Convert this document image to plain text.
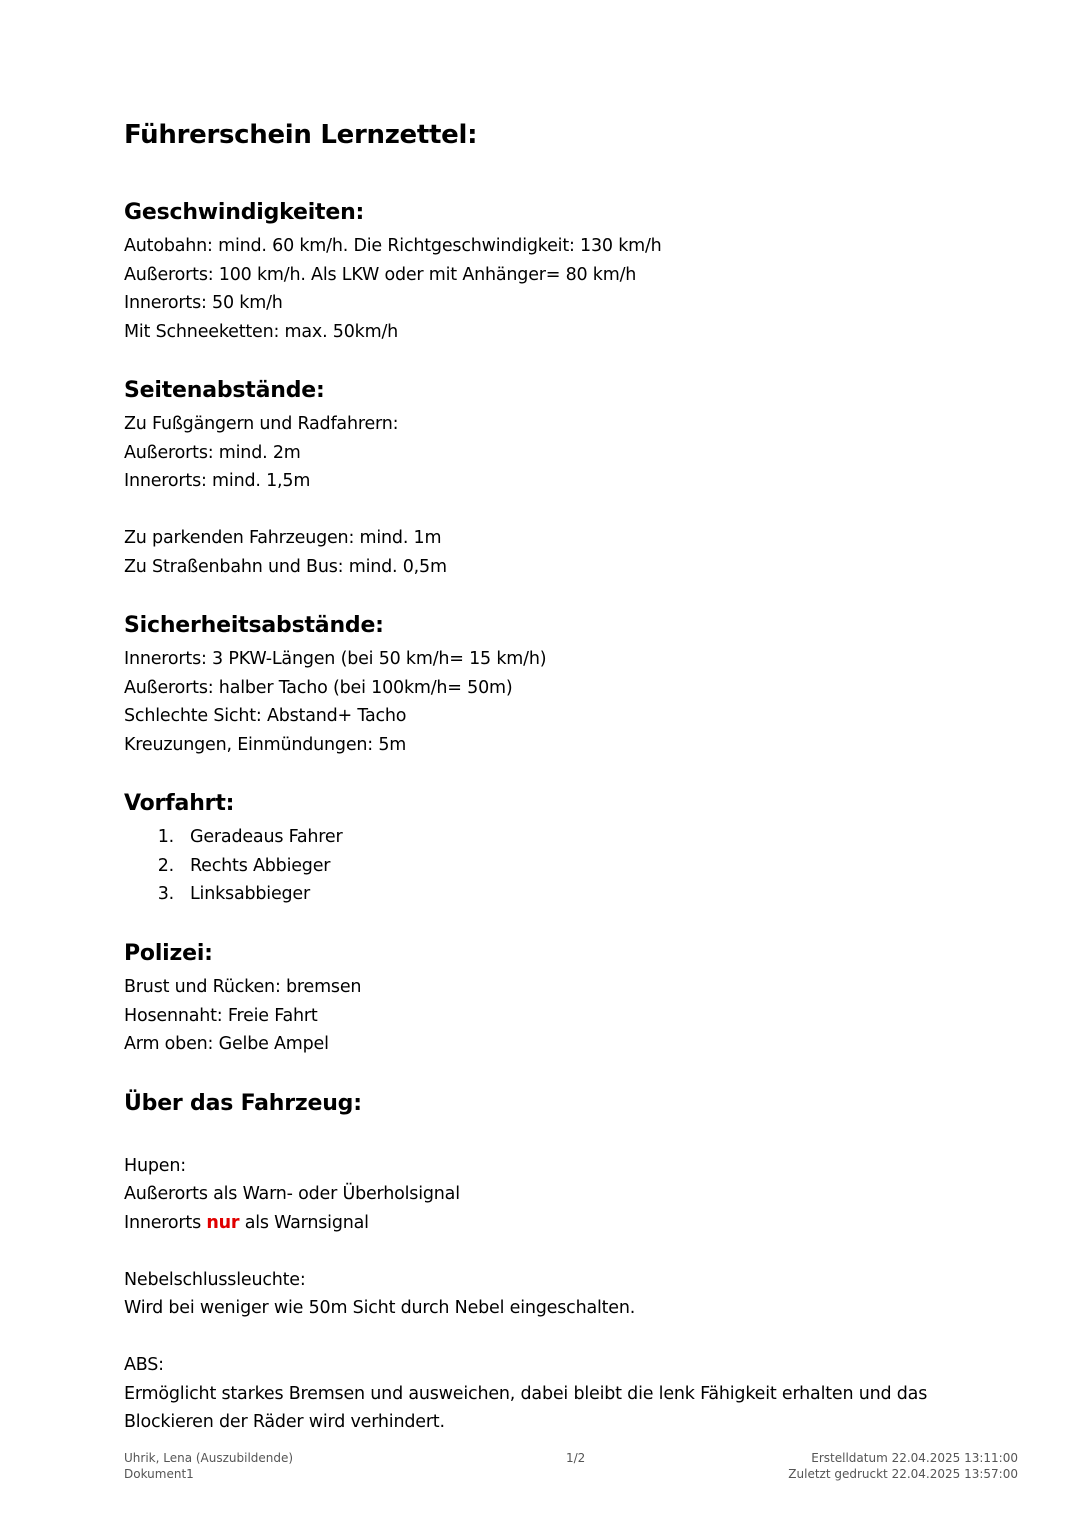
Führerschein Lernzettel:
Geschwindigkeiten:
Autobahn: mind. 60 km/h. Die Richtgeschwindigkeit: 130 km/h
Außerorts: 100 km/h. Als LKW oder mit Anhänger= 80 km/h
Innerorts: 50 km/h
Mit Schneeketten: max. 50km/h
Seitenabstände:
Zu Fußgängern und Radfahrern:
Außerorts: mind. 2m
Innerorts: mind. 1,5m
Zu parkenden Fahrzeugen: mind. 1m
Zu Straßenbahn und Bus: mind. 0,5m
Sicherheitsabstände:
Innerorts: 3 PKW-Längen (bei 50 km/h= 15 km/h)
Außerorts: halber Tacho (bei 100km/h= 50m)
Schlechte Sicht: Abstand+ Tacho
Kreuzungen, Einmündungen: 5m
Vorfahrt:
1. Geradeaus Fahrer
2. Rechts Abbieger
3. Linksabbieger
Polizei:
Brust und Rücken: bremsen
Hosennaht: Freie Fahrt
Arm oben: Gelbe Ampel
Über das Fahrzeug:
Hupen:
Außerorts als Warn- oder Überholsignal
Innerorts nur als Warnsignal
Nebelschlussleuchte:
Wird bei weniger wie 50m Sicht durch Nebel eingeschalten.
ABS:
Ermöglicht starkes Bremsen und ausweichen, dabei bleibt die lenk Fähigkeit erhalten und das Blockieren der Räder wird verhindert.
Uhrik, Lena (Auszubildende)
Dokument1
1/2	Erstelldatum 22.04.2025 13:11:00
Zuletzt gedruckt 22.04.2025 13:57:00
